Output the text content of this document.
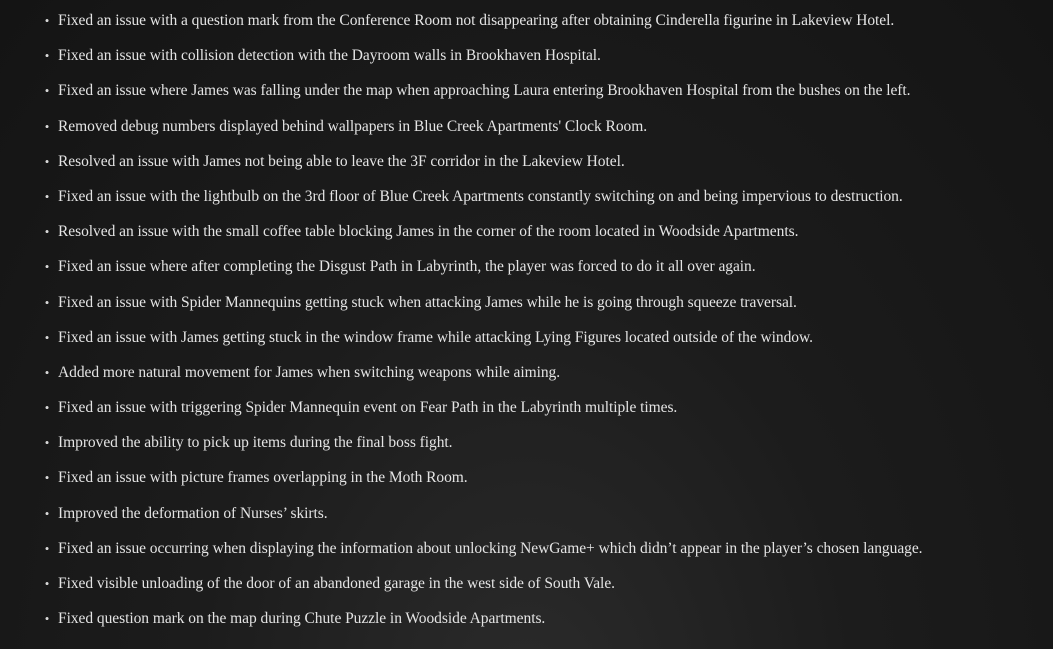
• Fixed an issue with a question mark from the Conference Room not disappearing after obtaining Cinderella figurine in Lakeview Hotel.
• Fixed an issue with collision detection with the Dayroom walls in Brookhaven Hospital.
• Fixed an issue where James was falling under the map when approaching Laura entering Brookhaven Hospital from the bushes on the left.
• Removed debug numbers displayed behind wallpapers in Blue Creek Apartments' Clock Room.
• Resolved an issue with James not being able to leave the 3F corridor in the Lakeview Hotel.
• Fixed an issue with the lightbulb on the 3rd floor of Blue Creek Apartments constantly switching on and being impervious to destruction.
• Resolved an issue with the small coffee table blocking James in the corner of the room located in Woodside Apartments.
• Fixed an issue where after completing the Disgust Path in Labyrinth, the player was forced to do it all over again.
• Fixed an issue with Spider Mannequins getting stuck when attacking James while he is going through squeeze traversal.
• Fixed an issue with James getting stuck in the window frame while attacking Lying Figures located outside of the window.
• Added more natural movement for James when switching weapons while aiming.
• Fixed an issue with triggering Spider Mannequin event on Fear Path in the Labyrinth multiple times.
• Improved the ability to pick up items during the final boss fight.
• Fixed an issue with picture frames overlapping in the Moth Room.
• Improved the deformation of Nurses’ skirts.
• Fixed an issue occurring when displaying the information about unlocking NewGame+ which didn’t appear in the player’s chosen language.
• Fixed visible unloading of the door of an abandoned garage in the west side of South Vale.
• Fixed question mark on the map during Chute Puzzle in Woodside Apartments.
